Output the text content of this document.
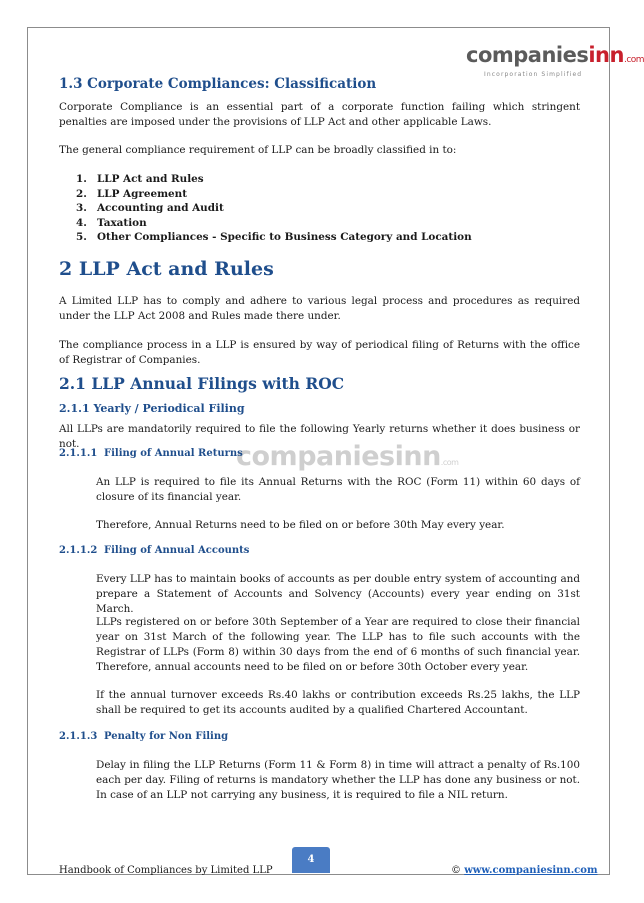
companiesinn.com
Incorporation Simplified
companiesinn.com
1.3 Corporate Compliances: Classification

Corporate Compliance is an essential part of a corporate function failing which stringent penalties are imposed under the provisions of LLP Act and other applicable Laws.

The general compliance requirement of LLP can be broadly classified in to:

1. LLP Act and Rules
2. LLP Agreement
3. Accounting and Audit
4. Taxation
5. Other Compliances - Specific to Business Category and Location
2 LLP Act and Rules

A Limited LLP has to comply and adhere to various legal process and procedures as required under the LLP Act 2008 and Rules made there under.

The compliance process in a LLP is ensured by way of periodical filing of Returns with the office of Registrar of Companies.

2.1 LLP Annual Filings with ROC
2.1.1 Yearly / Periodical Filing

All LLPs are mandatorily required to file the following Yearly returns whether it does business or not.

2.1.1.1 Filing of Annual Returns

An LLP is required to file its Annual Returns with the ROC (Form 11) within 60 days of closure of its financial year.

Therefore, Annual Returns need to be filed on or before 30th May every year.

2.1.1.2 Filing of Annual Accounts

Every LLP has to maintain books of accounts as per double entry system of accounting and prepare a Statement of Accounts and Solvency (Accounts) every year ending on 31st March.

LLPs registered on or before 30th September of a Year are required to close their financial year on 31st March of the following year. The LLP has to file such accounts with the Registrar of LLPs (Form 8) within 30 days from the end of 6 months of such financial year. Therefore, annual accounts need to be filed on or before 30th October every year.

If the annual turnover exceeds Rs.40 lakhs or contribution exceeds Rs.25 lakhs, the LLP shall be required to get its accounts audited by a qualified Chartered Accountant.

2.1.1.3 Penalty for Non Filing

Delay in filing the LLP Returns (Form 11 & Form 8) in time will attract a penalty of Rs.100 each per day. Filing of returns is mandatory whether the LLP has done any business or not. In case of an LLP not carrying any business, it is required to file a NIL return.

4
Handbook of Compliances by Limited LLP	© www.companiesinn.com
